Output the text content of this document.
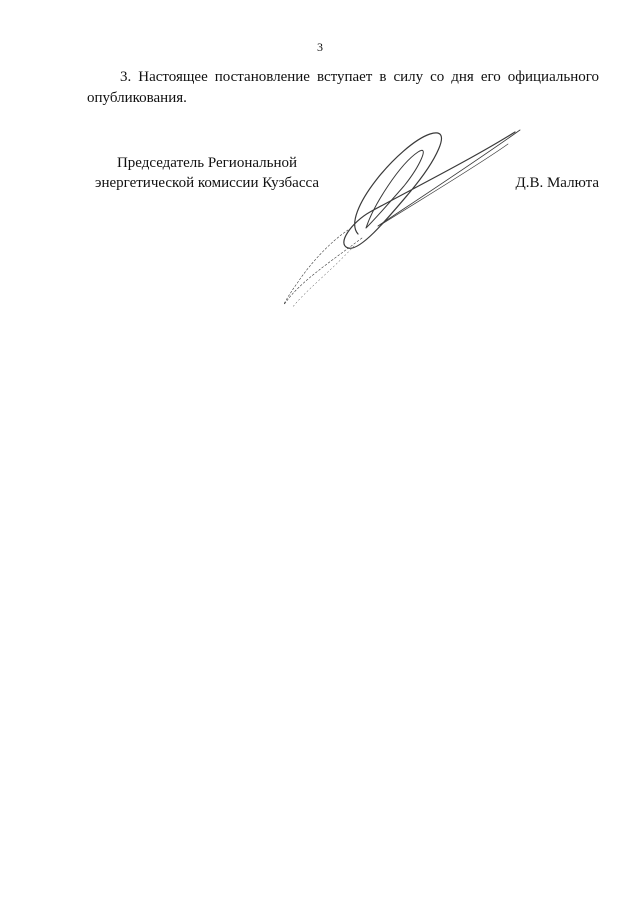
3

3. Настоящее постановление вступает в силу со дня его официального опубликования.

Председатель Региональной
энергетической комиссии Кузбасса	Д.В. Малюта
